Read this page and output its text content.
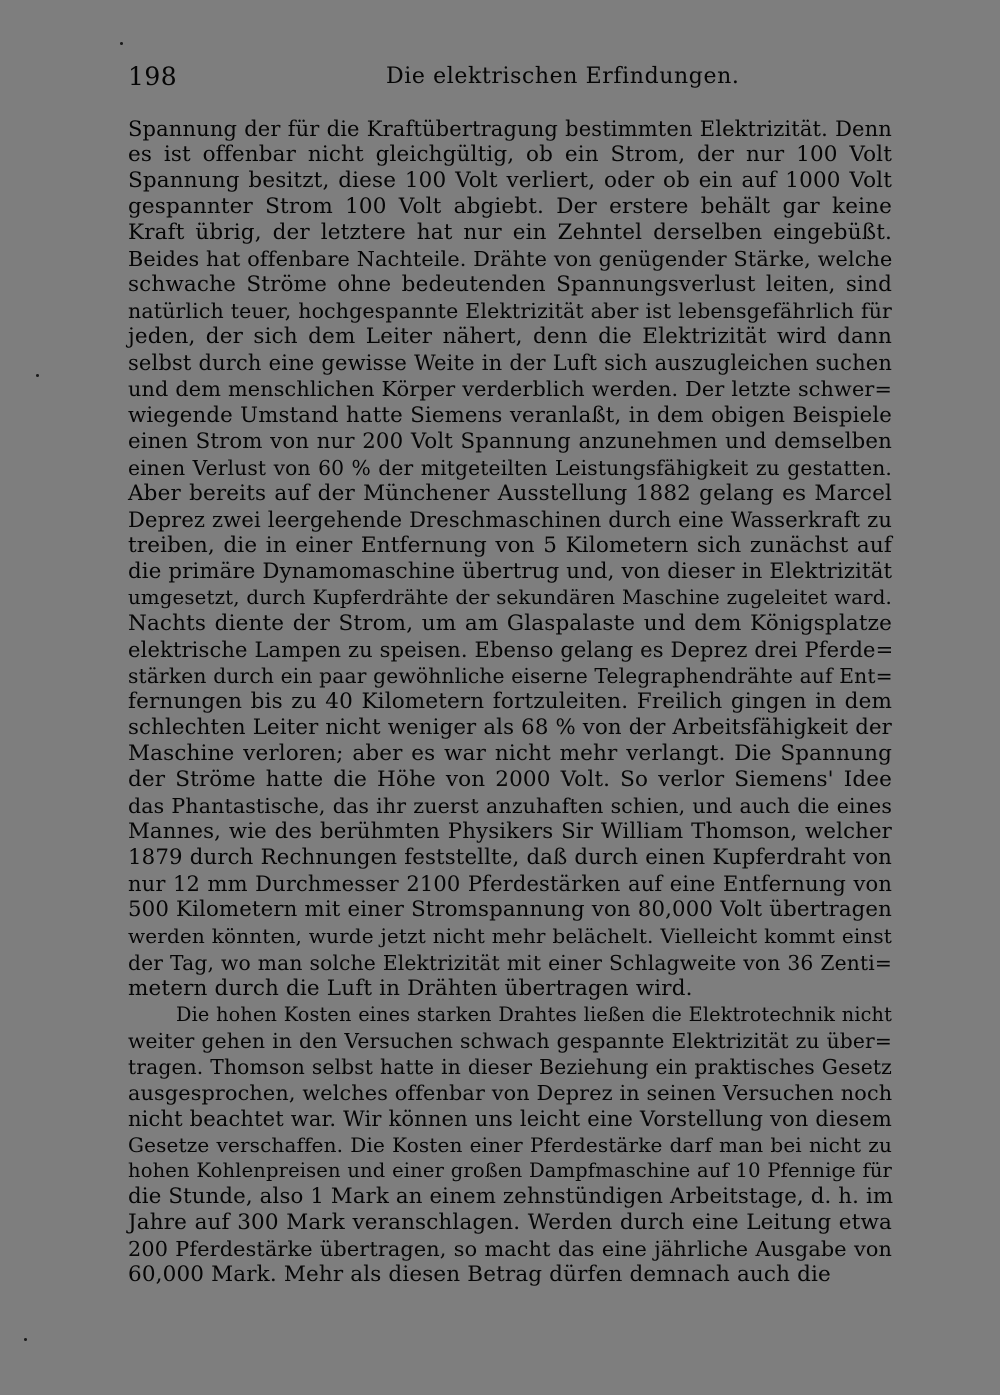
198	Die elektrischen Erfindungen.
Spannung der für die Kraftübertragung bestimmten Elektrizität. Denn
es ist offenbar nicht gleichgültig, ob ein Strom, der nur 100 Volt
Spannung besitzt, diese 100 Volt verliert, oder ob ein auf 1000 Volt
gespannter Strom 100 Volt abgiebt. Der erstere behält gar keine
Kraft übrig, der letztere hat nur ein Zehntel derselben eingebüßt.
Beides hat offenbare Nachteile. Drähte von genügender Stärke, welche
schwache Ströme ohne bedeutenden Spannungsverlust leiten, sind
natürlich teuer, hochgespannte Elektrizität aber ist lebensgefährlich für
jeden, der sich dem Leiter nähert, denn die Elektrizität wird dann
selbst durch eine gewisse Weite in der Luft sich auszugleichen suchen
und dem menschlichen Körper verderblich werden. Der letzte schwer=
wiegende Umstand hatte Siemens veranlaßt, in dem obigen Beispiele
einen Strom von nur 200 Volt Spannung anzunehmen und demselben
einen Verlust von 60 % der mitgeteilten Leistungsfähigkeit zu gestatten.
Aber bereits auf der Münchener Ausstellung 1882 gelang es Marcel
Deprez zwei leergehende Dreschmaschinen durch eine Wasserkraft zu
treiben, die in einer Entfernung von 5 Kilometern sich zunächst auf
die primäre Dynamomaschine übertrug und, von dieser in Elektrizität
umgesetzt, durch Kupferdrähte der sekundären Maschine zugeleitet ward.
Nachts diente der Strom, um am Glaspalaste und dem Königsplatze
elektrische Lampen zu speisen. Ebenso gelang es Deprez drei Pferde=
stärken durch ein paar gewöhnliche eiserne Telegraphendrähte auf Ent=
fernungen bis zu 40 Kilometern fortzuleiten. Freilich gingen in dem
schlechten Leiter nicht weniger als 68 % von der Arbeitsfähigkeit der
Maschine verloren; aber es war nicht mehr verlangt. Die Spannung
der Ströme hatte die Höhe von 2000 Volt. So verlor Siemens' Idee
das Phantastische, das ihr zuerst anzuhaften schien, und auch die eines
Mannes, wie des berühmten Physikers Sir William Thomson, welcher
1879 durch Rechnungen feststellte, daß durch einen Kupferdraht von
nur 12 mm Durchmesser 2100 Pferdestärken auf eine Entfernung von
500 Kilometern mit einer Stromspannung von 80,000 Volt übertragen
werden könnten, wurde jetzt nicht mehr belächelt. Vielleicht kommt einst
der Tag, wo man solche Elektrizität mit einer Schlagweite von 36 Zenti=
metern durch die Luft in Drähten übertragen wird.
Die hohen Kosten eines starken Drahtes ließen die Elektrotechnik nicht
weiter gehen in den Versuchen schwach gespannte Elektrizität zu über=
tragen. Thomson selbst hatte in dieser Beziehung ein praktisches Gesetz
ausgesprochen, welches offenbar von Deprez in seinen Versuchen noch
nicht beachtet war. Wir können uns leicht eine Vorstellung von diesem
Gesetze verschaffen. Die Kosten einer Pferdestärke darf man bei nicht zu
hohen Kohlenpreisen und einer großen Dampfmaschine auf 10 Pfennige für
die Stunde, also 1 Mark an einem zehnstündigen Arbeitstage, d. h. im
Jahre auf 300 Mark veranschlagen. Werden durch eine Leitung etwa
200 Pferdestärke übertragen, so macht das eine jährliche Ausgabe von
60,000 Mark. Mehr als diesen Betrag dürfen demnach auch die
